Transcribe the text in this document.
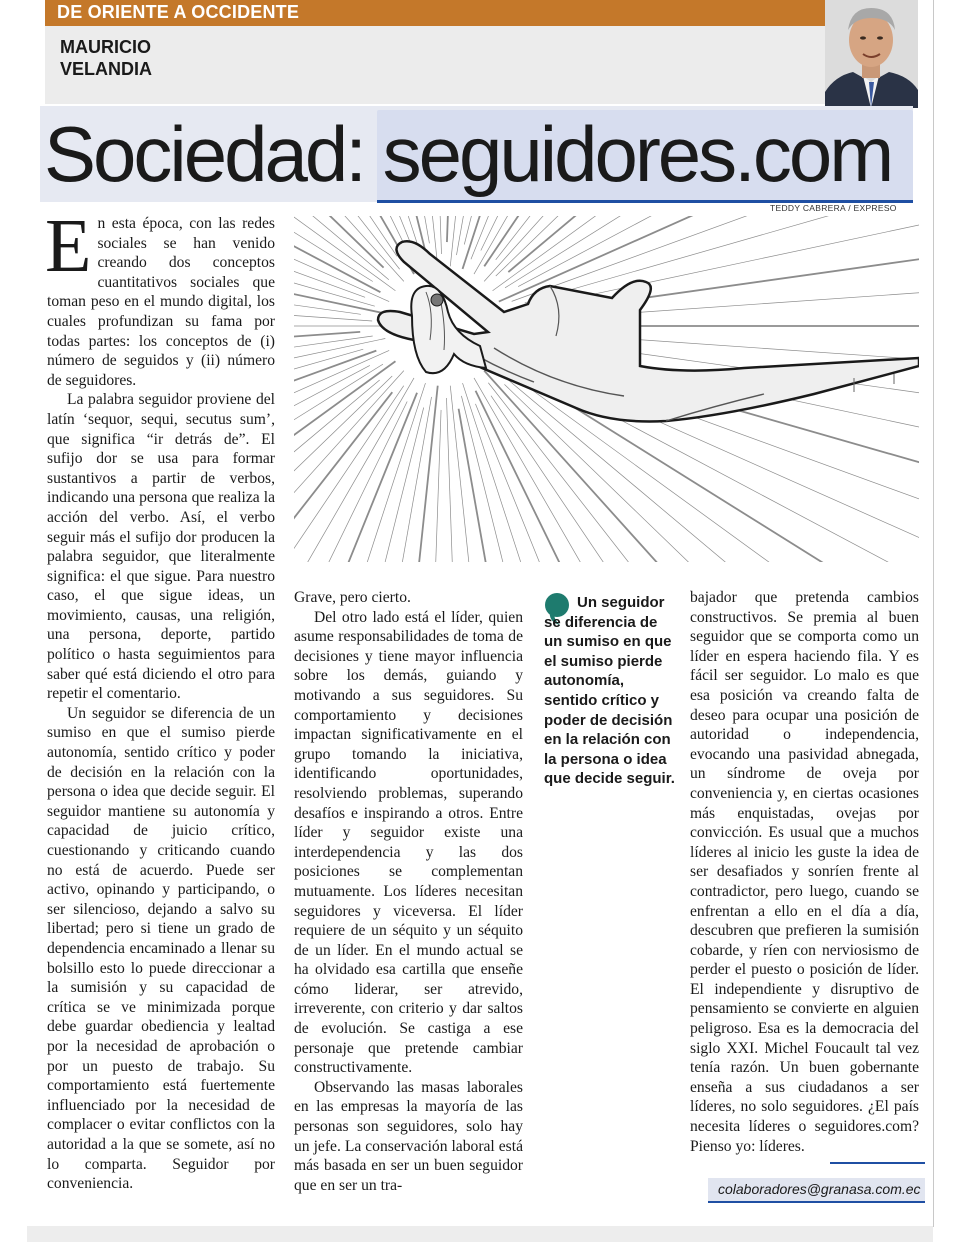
DE ORIENTE A OCCIDENTE
MAURICIO
VELANDIA
Sociedad: seguidores.com
TEDDY CABRERA / EXPRESO

En esta época, con las redes sociales se han venido creando dos conceptos cuantitativos sociales que toman peso en el mundo digital, los cuales profundizan su fama por todas partes: los conceptos de (i) número de seguidos y (ii) número de seguidores.

La palabra seguidor proviene del latín ‘sequor, sequi, secutus sum’, que significa “ir detrás de”. El sufijo dor se usa para formar sustantivos a partir de verbos, indicando una persona que realiza la acción del verbo. Así, el verbo seguir más el sufijo dor producen la palabra seguidor, que literalmente significa: el que sigue. Para nuestro caso, el que sigue ideas, un movimiento, causas, una religión, una persona, deporte, partido político o hasta seguimientos para saber qué está diciendo el otro para repetir el comentario.

Un seguidor se diferencia de un sumiso en que el sumiso pierde autonomía, sentido crítico y poder de decisión en la relación con la persona o idea que decide seguir. El seguidor mantiene su autonomía y capacidad de juicio crítico, cuestionando y criticando cuando no está de acuerdo. Puede ser activo, opinando y participando, o ser silencioso, dejando a salvo su libertad; pero si tiene un grado de dependencia encaminado a llenar su bolsillo esto lo puede direccionar a la sumisión y su capacidad de crítica se ve minimizada porque debe guardar obediencia y lealtad por la necesidad de aprobación o por un puesto de trabajo. Su comportamiento está fuertemente influenciado por la necesidad de complacer o evitar conflictos con la autoridad a la que se somete, así no lo comparta. Seguidor por conveniencia.

Grave, pero cierto.

Del otro lado está el líder, quien asume responsabilidades de toma de decisiones y tiene mayor influencia sobre los demás, guiando y motivando a sus seguidores. Su comportamiento y decisiones impactan significativamente en el grupo tomando la iniciativa, identificando oportunidades, resolviendo problemas, superando desafíos e inspirando a otros. Entre líder y seguidor existe una interdependencia y las dos posiciones se complementan mutuamente. Los líderes necesitan seguidores y viceversa. El líder requiere de un séquito y un séquito de un líder. En el mundo actual se ha olvidado esa cartilla que enseñe cómo liderar, ser atrevido, irreverente, con criterio y dar saltos de evolución. Se castiga a ese personaje que pretende cambiar constructivamente.

Observando las masas laborales en las empresas la mayoría de las personas son seguidores, solo hay un jefe. La conservación laboral está más basada en ser un buen seguidor que en ser un tra-

Un seguidor se diferencia de un sumiso en que el sumiso pierde autonomía, sentido crítico y poder de decisión en la relación con la persona o idea que decide seguir.

bajador que pretenda cambios constructivos. Se premia al buen seguidor que se comporta como un líder en espera haciendo fila. Y es fácil ser seguidor. Lo malo es que esa posición va creando falta de deseo para ocupar una posición de autoridad o independencia, evocando una pasividad abnegada, un síndrome de oveja por conveniencia y, en ciertas ocasiones más enquistadas, ovejas por convicción. Es usual que a muchos líderes al inicio les guste la idea de ser desafiados y sonríen frente al contradictor, pero luego, cuando se enfrentan a ello en el día a día, descubren que prefieren la sumisión cobarde, y ríen con nerviosismo de perder el puesto o posición de líder. El independiente y disruptivo de pensamiento se convierte en alguien peligroso. Esa es la democracia del siglo XXI. Michel Foucault tal vez tenía razón. Un buen gobernante enseña a sus ciudadanos a ser líderes, no solo seguidores. ¿El país necesita líderes o seguidores.com? Pienso yo: líderes.

colaboradores@granasa.com.ec
